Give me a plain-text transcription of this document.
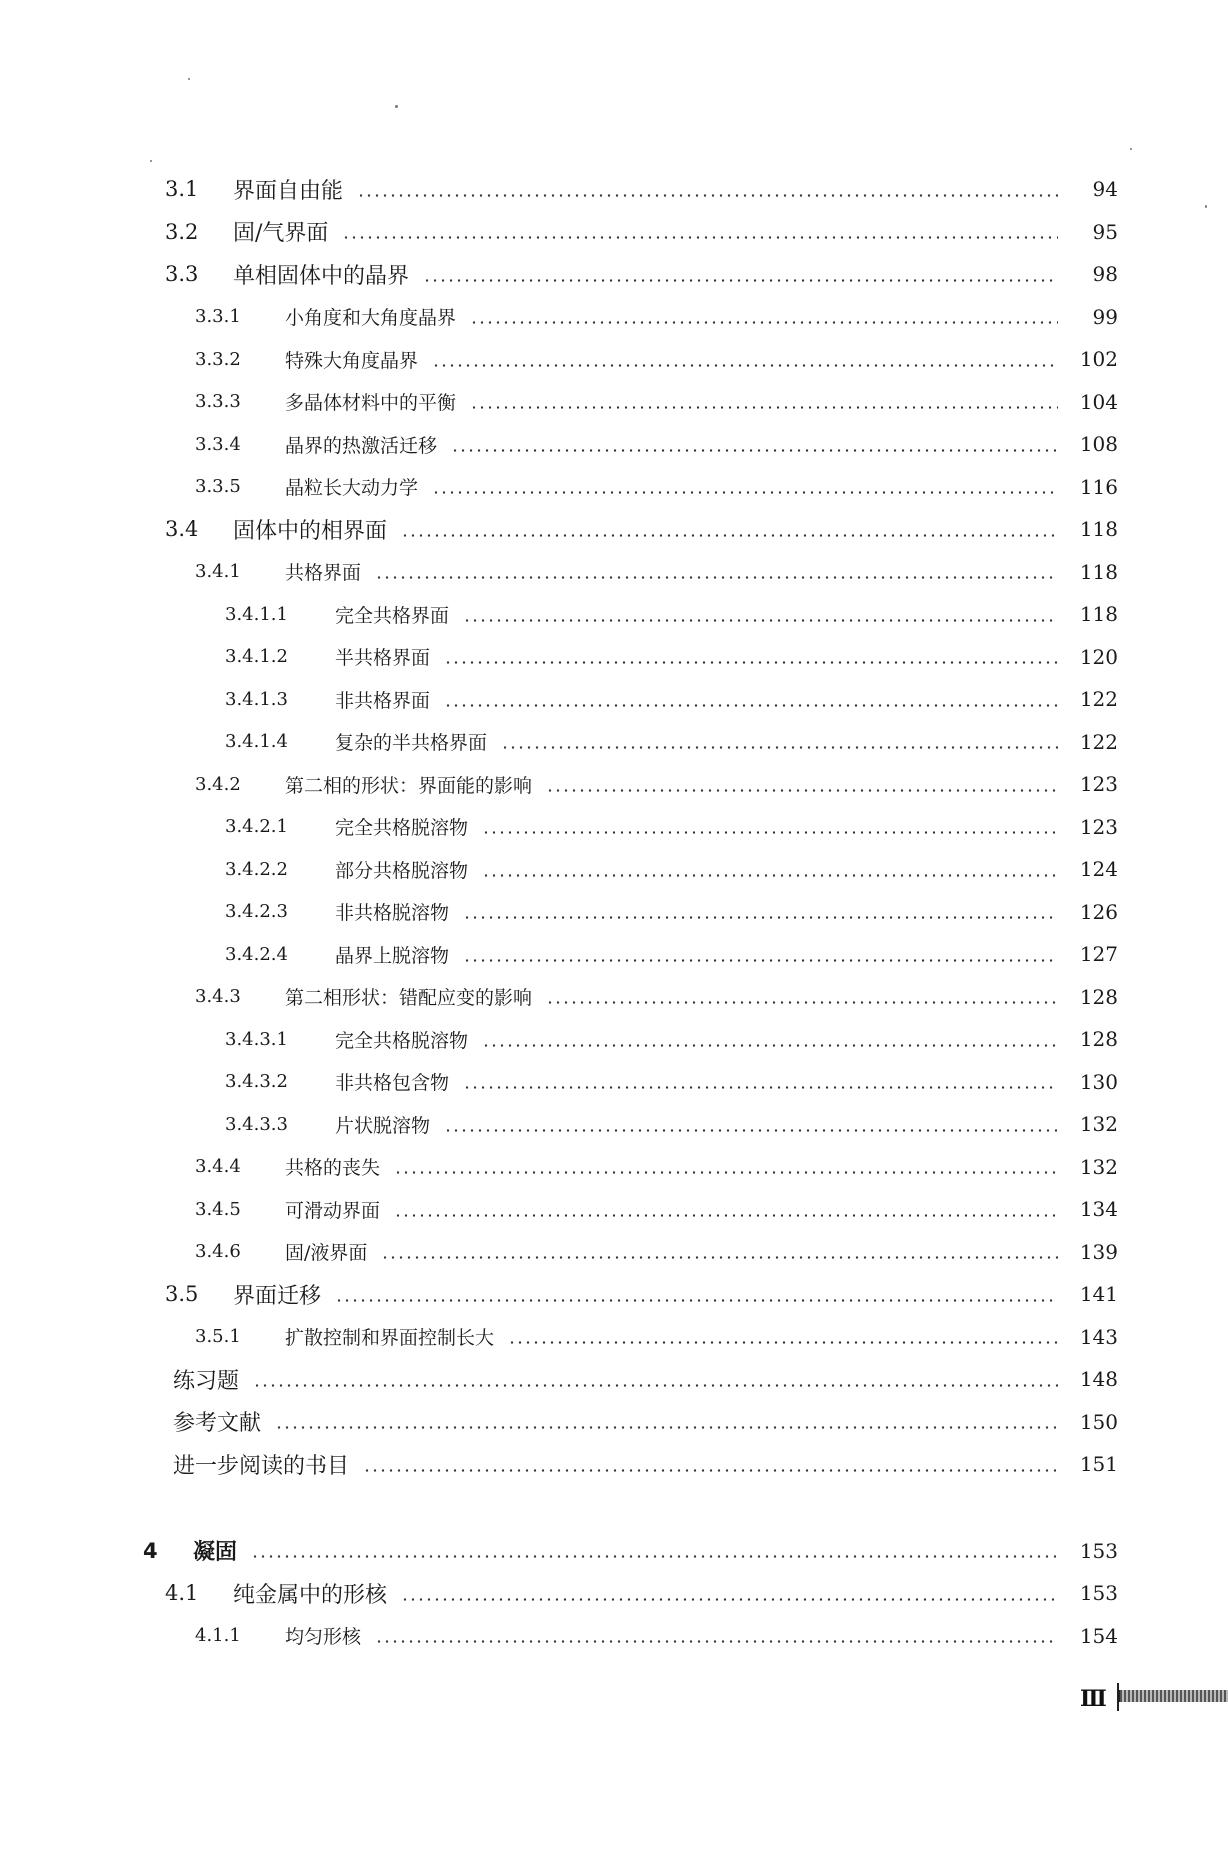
3.1	界面自由能	94
3.2	固/气界面	95
3.3	单相固体中的晶界	98
3.3.1	小角度和大角度晶界	99
3.3.2	特殊大角度晶界	102
3.3.3	多晶体材料中的平衡	104
3.3.4	晶界的热激活迁移	108
3.3.5	晶粒长大动力学	116
3.4	固体中的相界面	118
3.4.1	共格界面	118
3.4.1.1	完全共格界面	118
3.4.1.2	半共格界面	120
3.4.1.3	非共格界面	122
3.4.1.4	复杂的半共格界面	122
3.4.2	第二相的形状：界面能的影响	123
3.4.2.1	完全共格脱溶物	123
3.4.2.2	部分共格脱溶物	124
3.4.2.3	非共格脱溶物	126
3.4.2.4	晶界上脱溶物	127
3.4.3	第二相形状：错配应变的影响	128
3.4.3.1	完全共格脱溶物	128
3.4.3.2	非共格包含物	130
3.4.3.3	片状脱溶物	132
3.4.4	共格的丧失	132
3.4.5	可滑动界面	134
3.4.6	固/液界面	139
3.5	界面迁移	141
3.5.1	扩散控制和界面控制长大	143
练习题	148
参考文献	150
进一步阅读的书目	151
4	凝固	153
4.1	纯金属中的形核	153
4.1.1	均匀形核	154
Ⅲ
